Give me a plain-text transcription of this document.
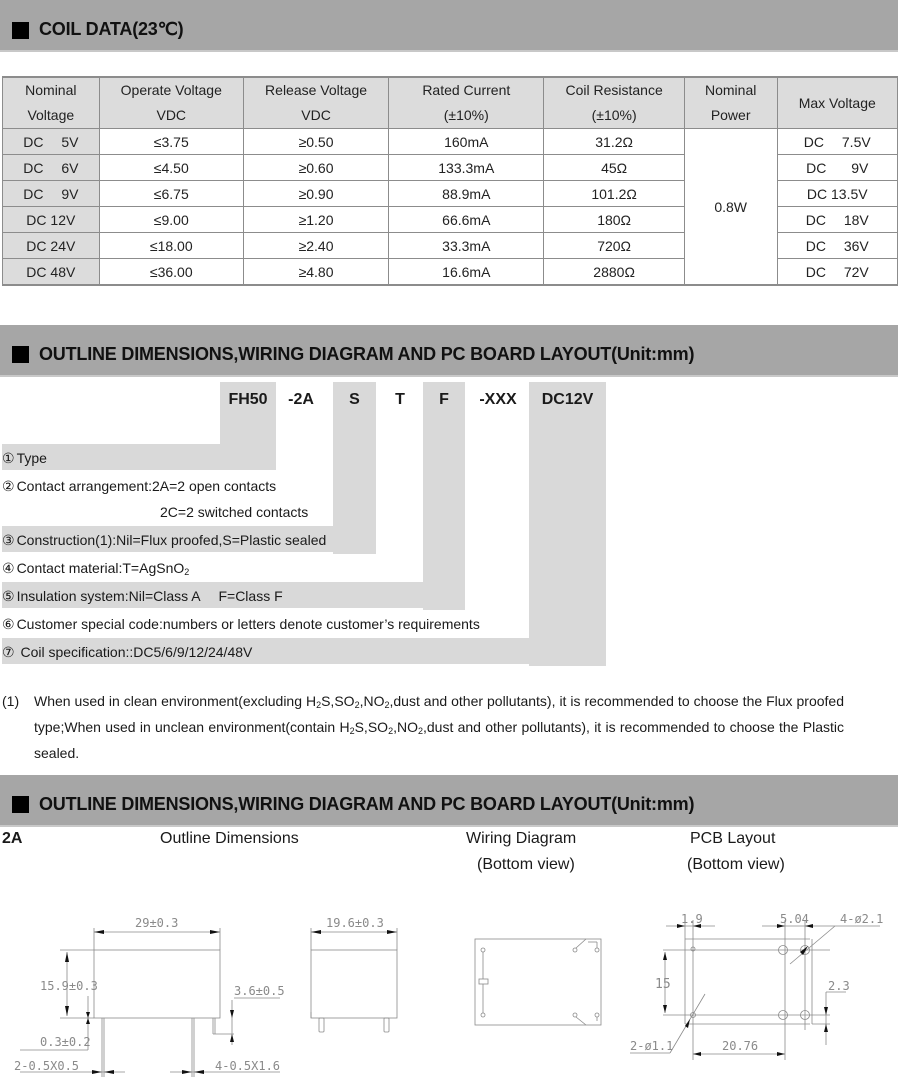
COIL DATA(23℃)
Nominal	Operate Voltage	Release Voltage	Rated Current	Coil Resistance	Nominal	Max Voltage
Voltage	VDC	VDC	(±10%)	(±10%)	Power	
DC  5V	≤3.75	≥0.50	160mA	31.2Ω	0.8W	DC  7.5V
DC  6V	≤4.50	≥0.60	133.3mA	45Ω		DC   9V
DC  9V	≤6.75	≥0.90	88.9mA	101.2Ω		DC 13.5V
DC 12V	≤9.00	≥1.20	66.6mA	180Ω		DC  18V
DC 24V	≤18.00	≥2.40	33.3mA	720Ω		DC  36V
DC 48V	≤36.00	≥4.80	16.6mA	2880Ω		DC  72V
OUTLINE DIMENSIONS,WIRING DIAGRAM AND PC BOARD LAYOUT(Unit:mm)
① Type
② Contact arrangement:2A=2 open contacts
2C=2 switched contacts
③ Construction(1):Nil=Flux proofed,S=Plastic sealed
④ Contact material:T=AgSnO$_2$
⑤ Insulation system:Nil=Class A  F=Class F
⑥ Customer special code:numbers or letters denote customer’s requirements
⑦ Coil specification::DC5/6/9/12/24/48V
FH50	-2A	S	T	F	-XXX	DC12V
(1) When used in clean environment(excluding $H_2S,SO_2,NO_2,dust$ and other pollutants), it is recommended to choose the Flux proofed type;When used in unclean environment(contain $H_2S,SO_2,NO_2,dust$ and other pollutants), it is recommended to choose the Plastic sealed.
OUTLINE DIMENSIONS,WIRING DIAGRAM AND PC BOARD LAYOUT(Unit:mm)
2A	Outline Dimensions	Wiring Diagram
(Bottom view)
PCB Layout
(Bottom view)
29±0.3
15.9±0.3
0.3±0.2
3.6±0.5
2-0.5X0.5	4-0.5X1.6
19.6±0.3	1.9	5.04	4-ø2.1
15	2.3
2-ø1.1	20.76
